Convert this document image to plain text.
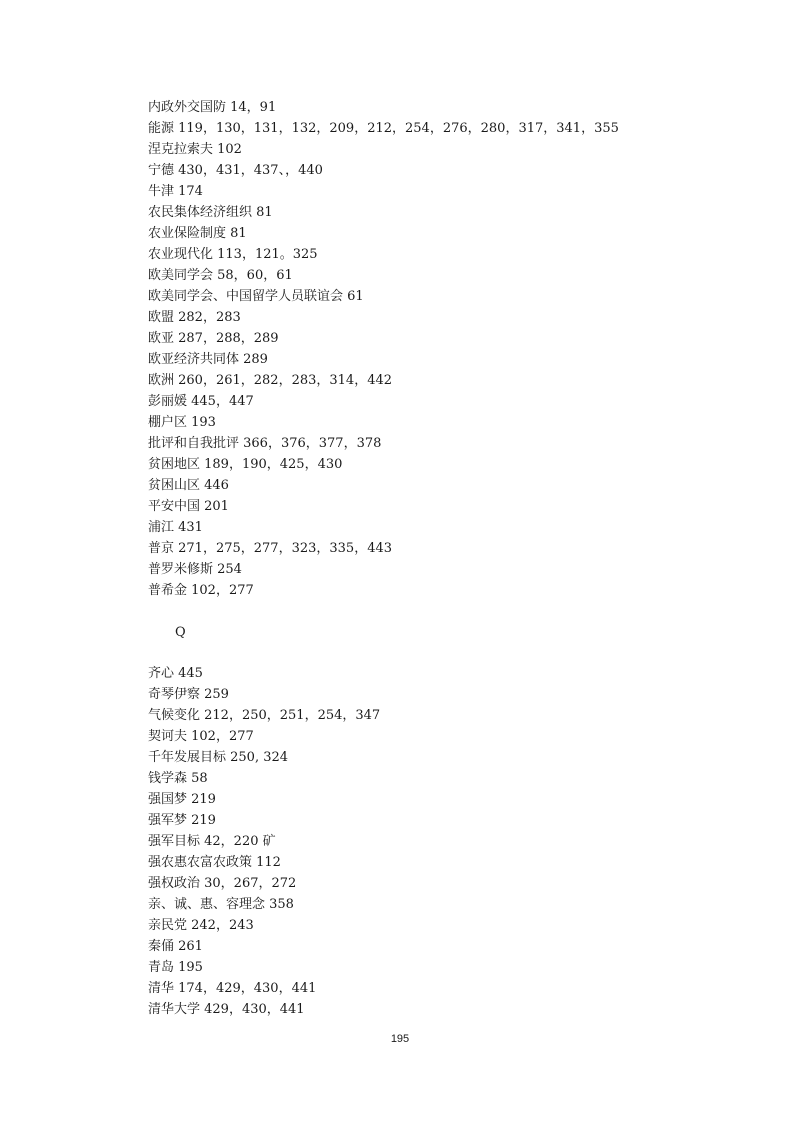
内政外交国防 14，91
能源 119，130，131，132，209，212，254，276，280，317，341，355
涅克拉索夫 102
宁德 430，431，437、，440
牛津 174
农民集体经济组织 81
农业保险制度 81
农业现代化 113，121。325
欧美同学会 58，60，61
欧美同学会、中国留学人员联谊会 61
欧盟 282，283
欧亚 287，288，289
欧亚经济共同体 289
欧洲 260，261，282，283，314，442
彭丽媛 445，447
棚户区 193
批评和自我批评 366，376，377，378
贫困地区 189，190，425，430
贫困山区 446
平安中国 201
浦江 431
普京 271，275，277，323，335，443
普罗米修斯 254
普希金 102，277
Q
齐心 445
奇琴伊察 259
气候变化 212，250，251，254，347
契诃夫 102，277
千年发展目标 250, 324
钱学森 58
强国梦 219
强军梦 219
强军目标 42，220 矿
强农惠农富农政策 112
强权政治 30，267，272
亲、诚、惠、容理念 358
亲民党 242，243
秦俑 261
青岛 195
清华 174，429，430，441
清华大学 429，430，441
195
